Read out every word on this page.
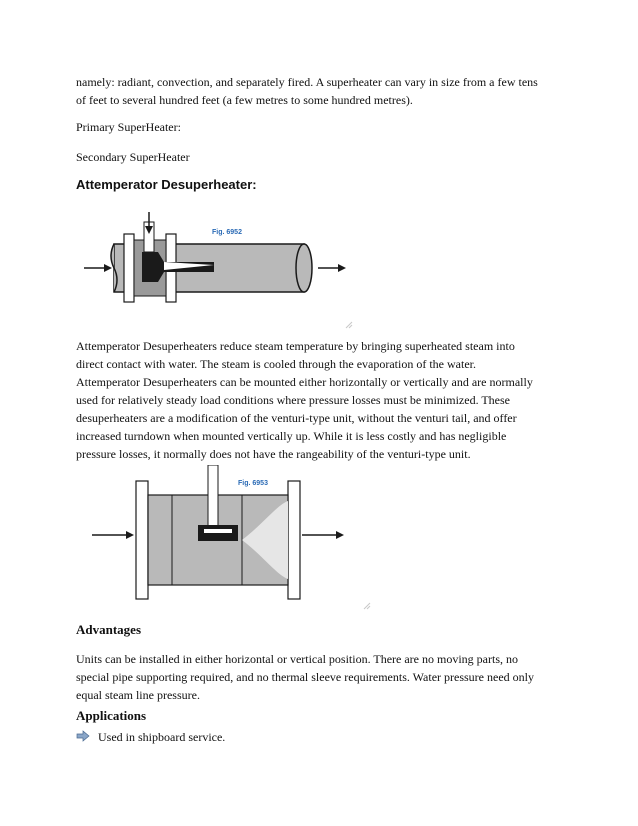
namely: radiant, convection, and separately fired. A superheater can vary in size from a few tens
of feet to several hundred feet (a few metres to some hundred metres).
Primary SuperHeater:
Secondary SuperHeater
Attemperator Desuperheater:
Fig. 6952
Attemperator Desuperheaters reduce steam temperature by bringing superheated steam into
direct contact with water. The steam is cooled through the evaporation of the water.
Attemperator Desuperheaters can be mounted either horizontally or vertically and are normally
used for relatively steady load conditions where pressure losses must be minimized. These
desuperheaters are a modification of the venturi-type unit, without the venturi tail, and offer
increased turndown when mounted vertically up. While it is less costly and has negligible
pressure losses, it normally does not have the rangeability of the venturi-type unit.
Fig. 6953
Advantages
Units can be installed in either horizontal or vertical position. There are no moving parts, no
special pipe supporting required, and no thermal sleeve requirements. Water pressure need only
equal steam line pressure.
Applications
Used in shipboard service.
